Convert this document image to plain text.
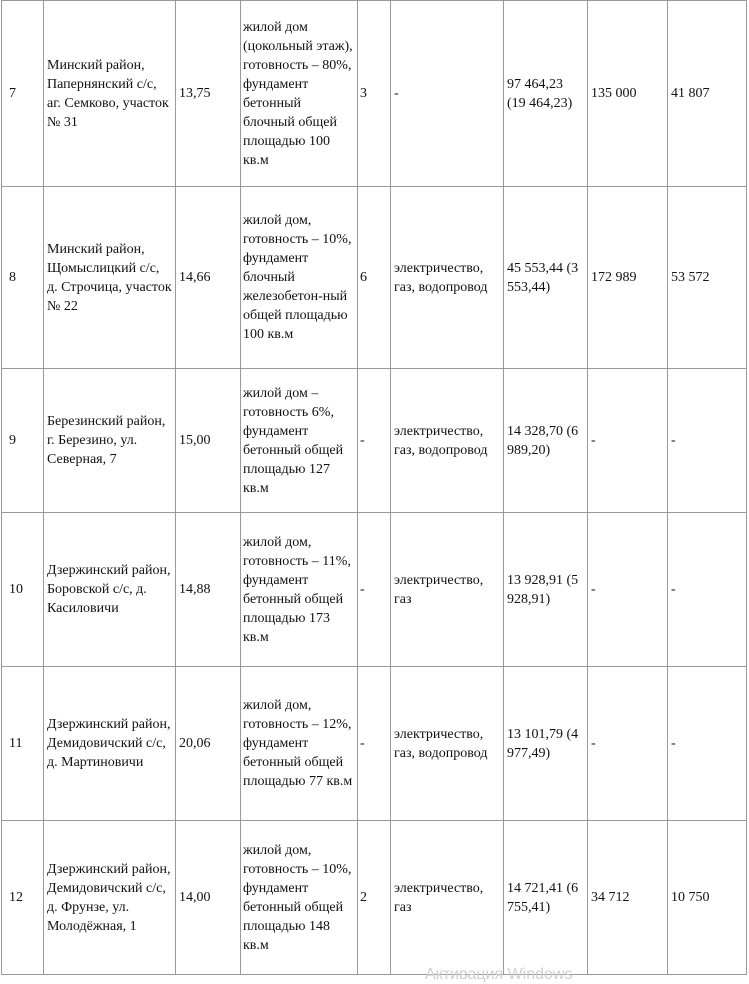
7	Минский район, Папернянский с/с, аг. Семково, участок № 31	13,75	жилой дом (цокольный этаж), готовность – 80%, фундамент бетонный блочный общей площадью 100 кв.м	3	-	97 464,23 (19 464,23)	135 000	41 807
8	Минский район, Щомыслицкий с/с, д. Строчица, участок № 22	14,66	жилой дом, готовность – 10%, фундамент блочный железобетон-ный общей площадью 100 кв.м	6	электричество, газ, водопровод	45 553,44 (3 553,44)	172 989	53 572
9	Березинский район, г. Березино, ул. Северная, 7	15,00	жилой дом – готовность 6%, фундамент бетонный общей площадью 127 кв.м	-	электричество, газ, водопровод	14 328,70 (6 989,20)	-	-
10	Дзержинский район, Боровской с/с, д. Касиловичи	14,88	жилой дом, готовность – 11%, фундамент бетонный общей площадью 173 кв.м	-	электричество, газ	13 928,91 (5 928,91)	-	-
11	Дзержинский район, Демидовичский с/с, д. Мартиновичи	20,06	жилой дом, готовность – 12%, фундамент бетонный общей площадью 77 кв.м	-	электричество, газ, водопровод	13 101,79 (4 977,49)	-	-
12	Дзержинский район, Демидовичский с/с, д. Фрунзе, ул. Молодёжная, 1	14,00	жилой дом, готовность – 10%, фундамент бетонный общей площадью 148 кв.м	2	электричество, газ	14 721,41 (6 755,41)	34 712	10 750
Активация Windows
